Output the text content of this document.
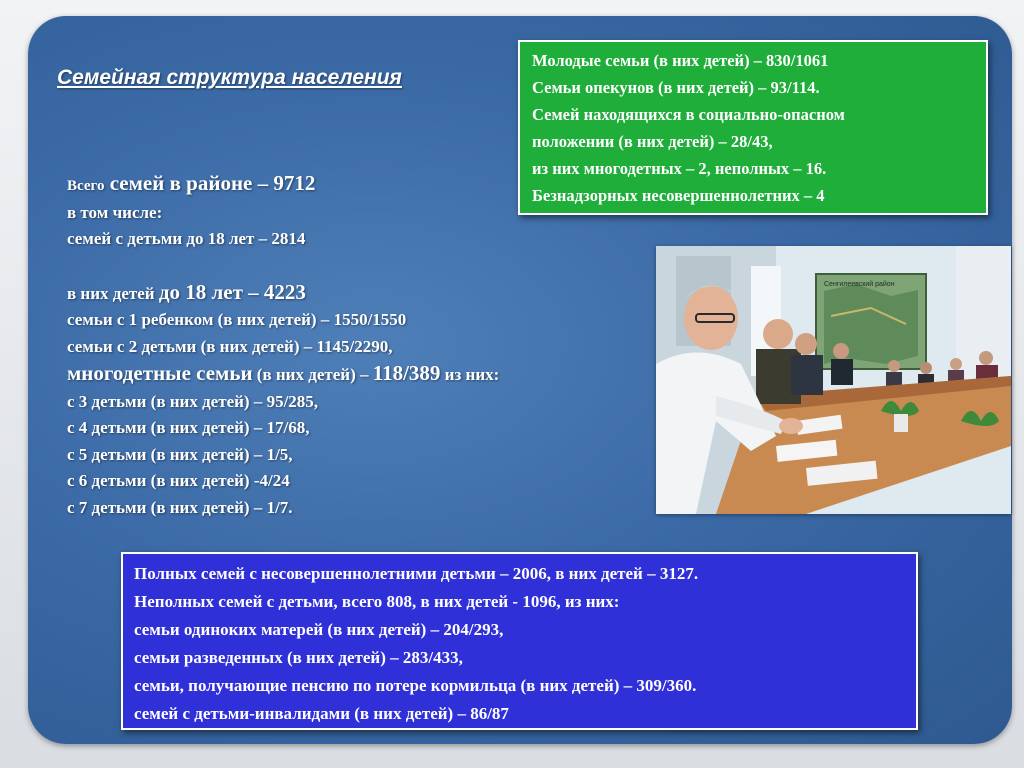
Семейная структура населения
Молодые семьи (в них детей) – 830/1061
Семьи опекунов (в них детей) – 93/114.
Семей находящихся в социально-опасном
положении (в них детей) – 28/43,
из них многодетных – 2, неполных – 16.
Безнадзорных несовершеннолетних – 4
Всего семей в районе – 9712
в том числе:
семей с детьми до 18 лет – 2814
в них детей до 18 лет – 4223
семьи с 1 ребенком (в них детей) – 1550/1550
семьи с 2 детьми (в них детей) – 1145/2290,
многодетные семьи (в них детей) – 118/389 из них:
с 3 детьми (в них детей) – 95/285,
с 4 детьми (в них детей) – 17/68,
с 5 детьми (в них детей) – 1/5,
с 6 детьми (в них детей) -4/24
с 7 детьми (в них детей) – 1/7.
Сенгилеевский район
Полных семей с несовершеннолетними детьми – 2006, в них детей – 3127.
Неполных семей с детьми, всего 808, в них детей - 1096, из них:
семьи одиноких матерей (в них детей) – 204/293,
семьи разведенных (в них детей) – 283/433,
семьи, получающие пенсию по потере кормильца (в них детей) – 309/360.
семей с детьми-инвалидами (в них детей) – 86/87
